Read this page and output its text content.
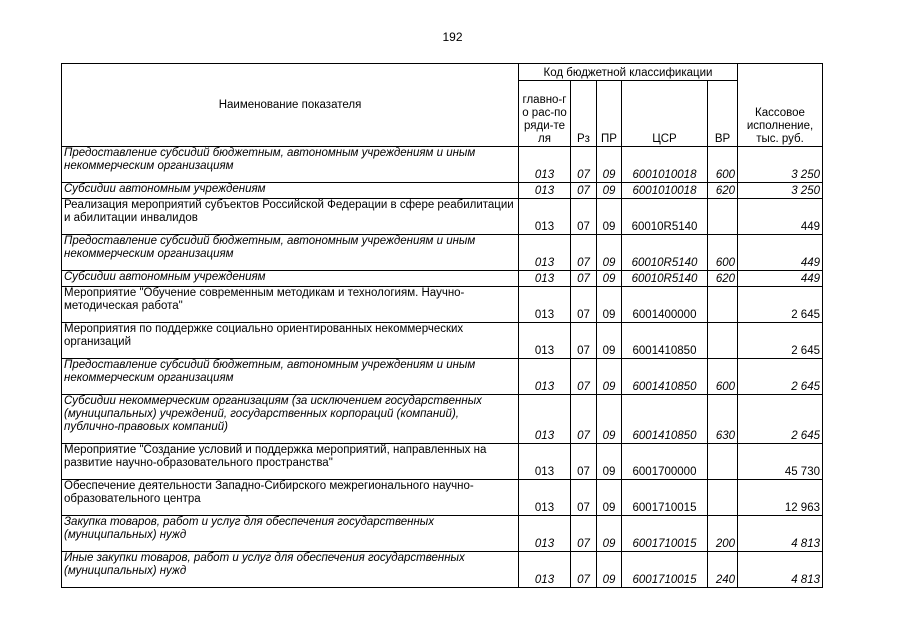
192
Наименование показателя	Код бюджетной классификации					Кассовое исполнение, тыс. руб.
	главно-го рас-поряди-теля	Рз	ПР	ЦСР	ВР	
Предоставление субсидий бюджетным, автономным учреждениям и иным некоммерческим организациям	013	07	09	6001010018	600	3 250
Субсидии автономным учреждениям	013	07	09	6001010018	620	3 250
Реализация мероприятий субъектов Российской Федерации в сфере реабилитации и абилитации инвалидов	013	07	09	60010R5140		449
Предоставление субсидий бюджетным, автономным учреждениям и иным некоммерческим организациям	013	07	09	60010R5140	600	449
Субсидии автономным учреждениям	013	07	09	60010R5140	620	449
Мероприятие "Обучение современным методикам и технологиям. Научно-методическая работа"	013	07	09	6001400000		2 645
Мероприятия по поддержке социально ориентированных некоммерческих организаций	013	07	09	6001410850		2 645
Предоставление субсидий бюджетным, автономным учреждениям и иным некоммерческим организациям	013	07	09	6001410850	600	2 645
Субсидии некоммерческим организациям (за исключением государственных (муниципальных) учреждений, государственных корпораций (компаний), публично-правовых компаний)	013	07	09	6001410850	630	2 645
Мероприятие "Создание условий и поддержка мероприятий, направленных на развитие научно-образовательного пространства"	013	07	09	6001700000		45 730
Обеспечение деятельности Западно-Сибирского межрегионального научно-образовательного центра	013	07	09	6001710015		12 963
Закупка товаров, работ и услуг для обеспечения государственных (муниципальных) нужд	013	07	09	6001710015	200	4 813
Иные закупки товаров, работ и услуг для обеспечения государственных (муниципальных) нужд	013	07	09	6001710015	240	4 813
